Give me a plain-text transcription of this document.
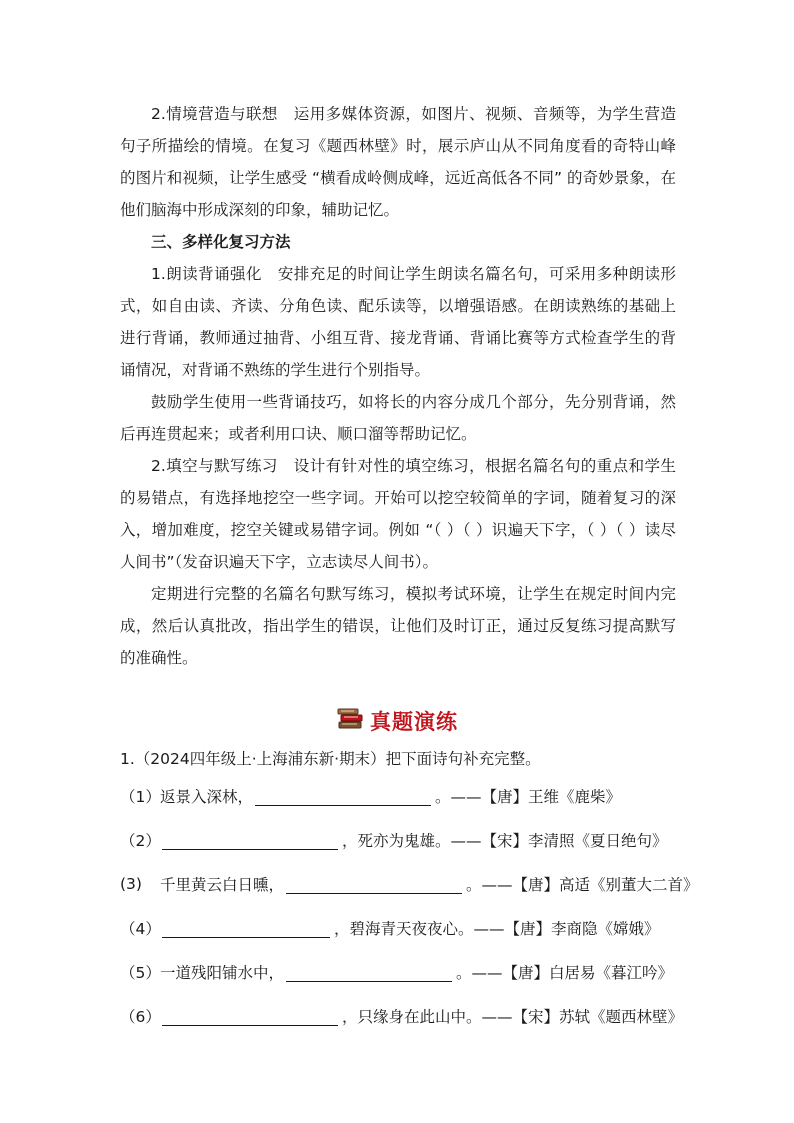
2.情境营造与联想　运用多媒体资源，如图片、视频、音频等，为学生营造句子所描绘的情境。在复习《题西林壁》时，展示庐山从不同角度看的奇特山峰的图片和视频，让学生感受 “横看成岭侧成峰，远近高低各不同” 的奇妙景象，在他们脑海中形成深刻的印象，辅助记忆。

三、多样化复习方法

1.朗读背诵强化　安排充足的时间让学生朗读名篇名句，可采用多种朗读形式，如自由读、齐读、分角色读、配乐读等，以增强语感。在朗读熟练的基础上进行背诵，教师通过抽背、小组互背、接龙背诵、背诵比赛等方式检查学生的背诵情况，对背诵不熟练的学生进行个别指导。

鼓励学生使用一些背诵技巧，如将长的内容分成几个部分，先分别背诵，然后再连贯起来；或者利用口诀、顺口溜等帮助记忆。

2.填空与默写练习　设计有针对性的填空练习，根据名篇名句的重点和学生的易错点，有选择地挖空一些字词。开始可以挖空较简单的字词，随着复习的深入，增加难度，挖空关键或易错字词。例如 “（ ）（ ）识遍天下字，（ ）（ ）读尽人间书”（发奋识遍天下字，立志读尽人间书）。

定期进行完整的名篇名句默写练习，模拟考试环境，让学生在规定时间内完成，然后认真批改，指出学生的错误，让他们及时订正，通过反复练习提高默写的准确性。

真题演练

1.（2024四年级上·上海浦东新·期末）把下面诗句补充完整。

（1） 返景入深林，	。——【唐】王维《鹿柴》
（2）	，死亦为鬼雄。——【宋】李清照《夏日绝句》
(3)	千里黄云白日曛，	。——【唐】高适《别董大二首》
（4）	，碧海青天夜夜心。——【唐】李商隐《嫦娥》
（5） 一道残阳铺水中，	。——【唐】白居易《暮江吟》
（6）	，只缘身在此山中。——【宋】苏轼《题西林壁》
